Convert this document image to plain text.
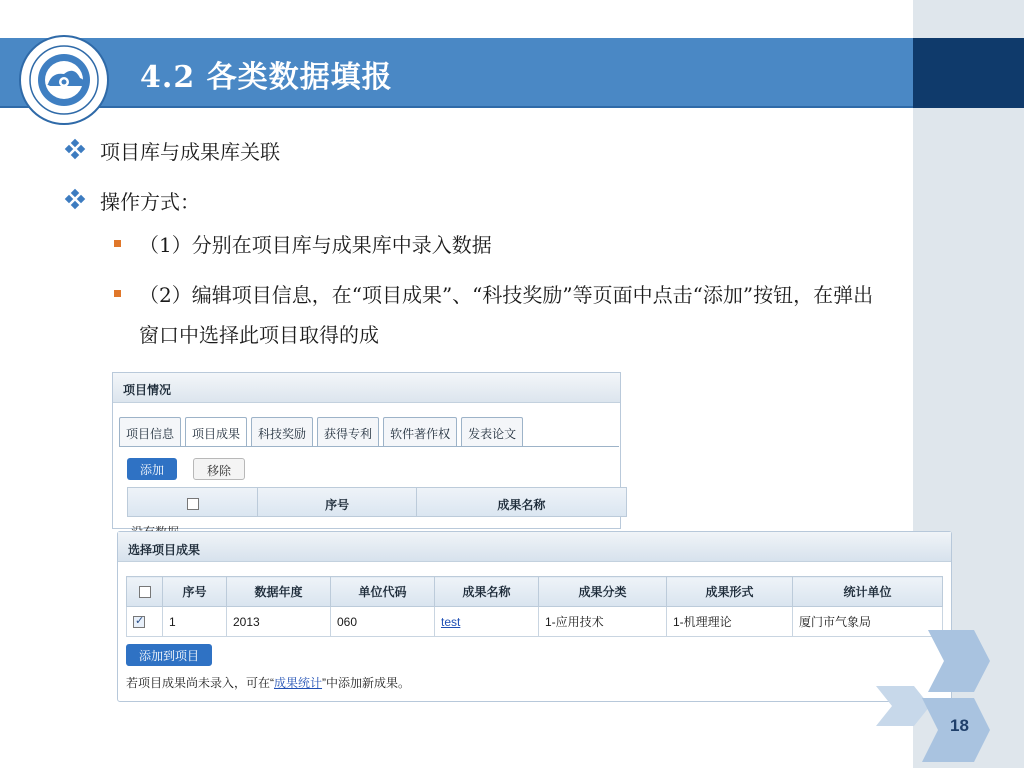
4.2 各类数据填报
项目库与成果库关联
操作方式：
（1）分别在项目库与成果库中录入数据
（2）编辑项目信息，在“项目成果”、“科技奖励”等页面中点击“添加”按钮，在弹出窗口中选择此项目取得的成
项目情况
项目信息	项目成果	科技奖励	获得专利	软件著作权	发表论文
添加	移除
序号	成果名称
选择项目成果
	序号	数据年度	单位代码	成果名称	成果分类	成果形式	统计单位
✓	1	2013	060	test	1-应用技术	1-机理理论	厦门市气象局
添加到项目
若项目成果尚未录入，可在“成果统计”中添加新成果。
18
